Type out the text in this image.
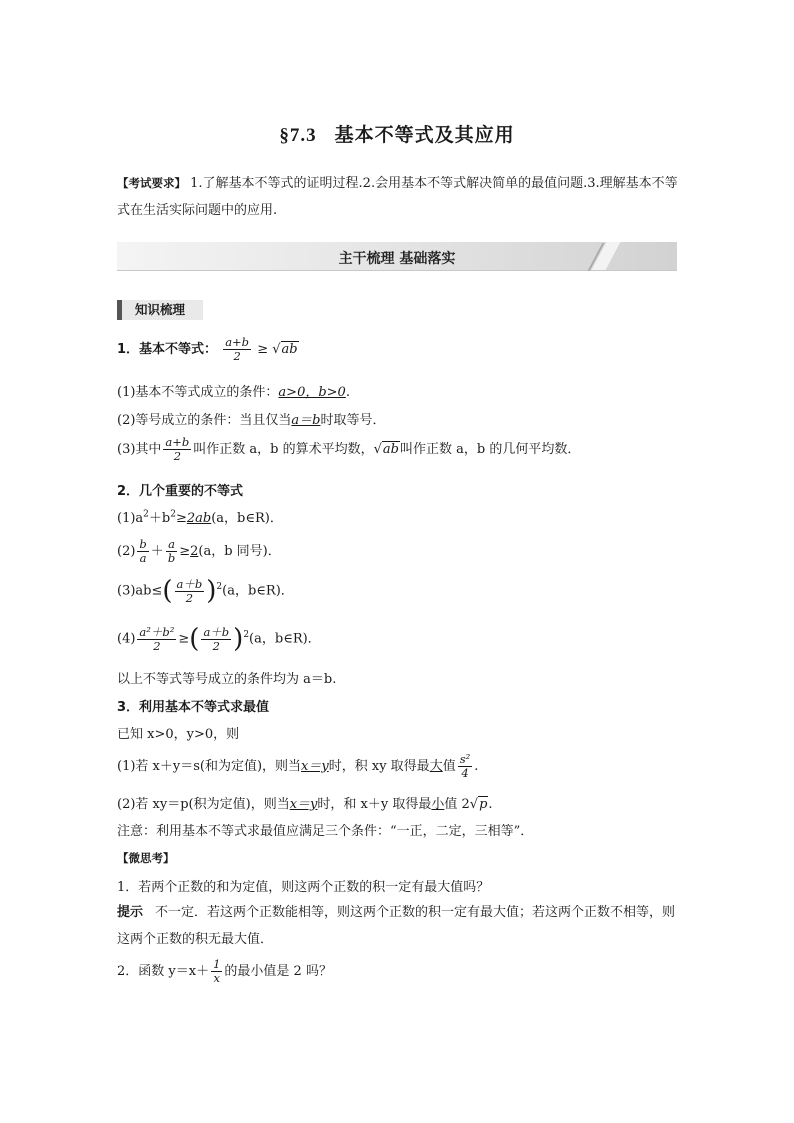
§7.3 基本不等式及其应用
【考试要求】 1.了解基本不等式的证明过程.2.会用基本不等式解决简单的最值问题.3.理解基本不等式在生活实际问题中的应用.
主干梳理 基础落实
知识梳理
1．基本不等式： $\frac{a+b}{2} \ge √ab$
(1)基本不等式成立的条件：a>0，b>0.
(2)等号成立的条件：当且仅当a＝b时取等号．
(3)其中 $\frac{a+b}{2}$ 叫作正数 a，b 的算术平均数，√ab叫作正数 a，b 的几何平均数．
2．几个重要的不等式
$(1)a^2+b^2\ge 2ab(a$，b∈R)．
$(2) \frac{b}{a} + \frac{a}{b} \ge 2(a$，b 同号)．
$(3)ab\le( \frac{a+b}{2} )^2(a$，b∈R)．
$(4) \frac{\text{a²＋b²}}{2}$ ≥( $\frac{a+b}{2} )^2(a$，b∈R)．
以上不等式等号成立的条件均为 a＝b.
3．利用基本不等式求最值
已知 x>0，y>0，则
(1)若 x＋y＝s(和为定值)，则当x＝y时，积 xy 取得最大值 $\frac{\text{s²}}{4}$ .
(2)若 xy＝p(积为定值)，则当x＝y时，和 x＋y 取得最小值 2√p.
注意：利用基本不等式求最值应满足三个条件：“一正，二定，三相等”．
【微思考】
1．若两个正数的和为定值，则这两个正数的积一定有最大值吗？
提示 不一定．若这两个正数能相等，则这两个正数的积一定有最大值；若这两个正数不相等，则这两个正数的积无最大值．
2．函数 $y=x+ \frac{1}{x}$ 的最小值是 2 吗？
